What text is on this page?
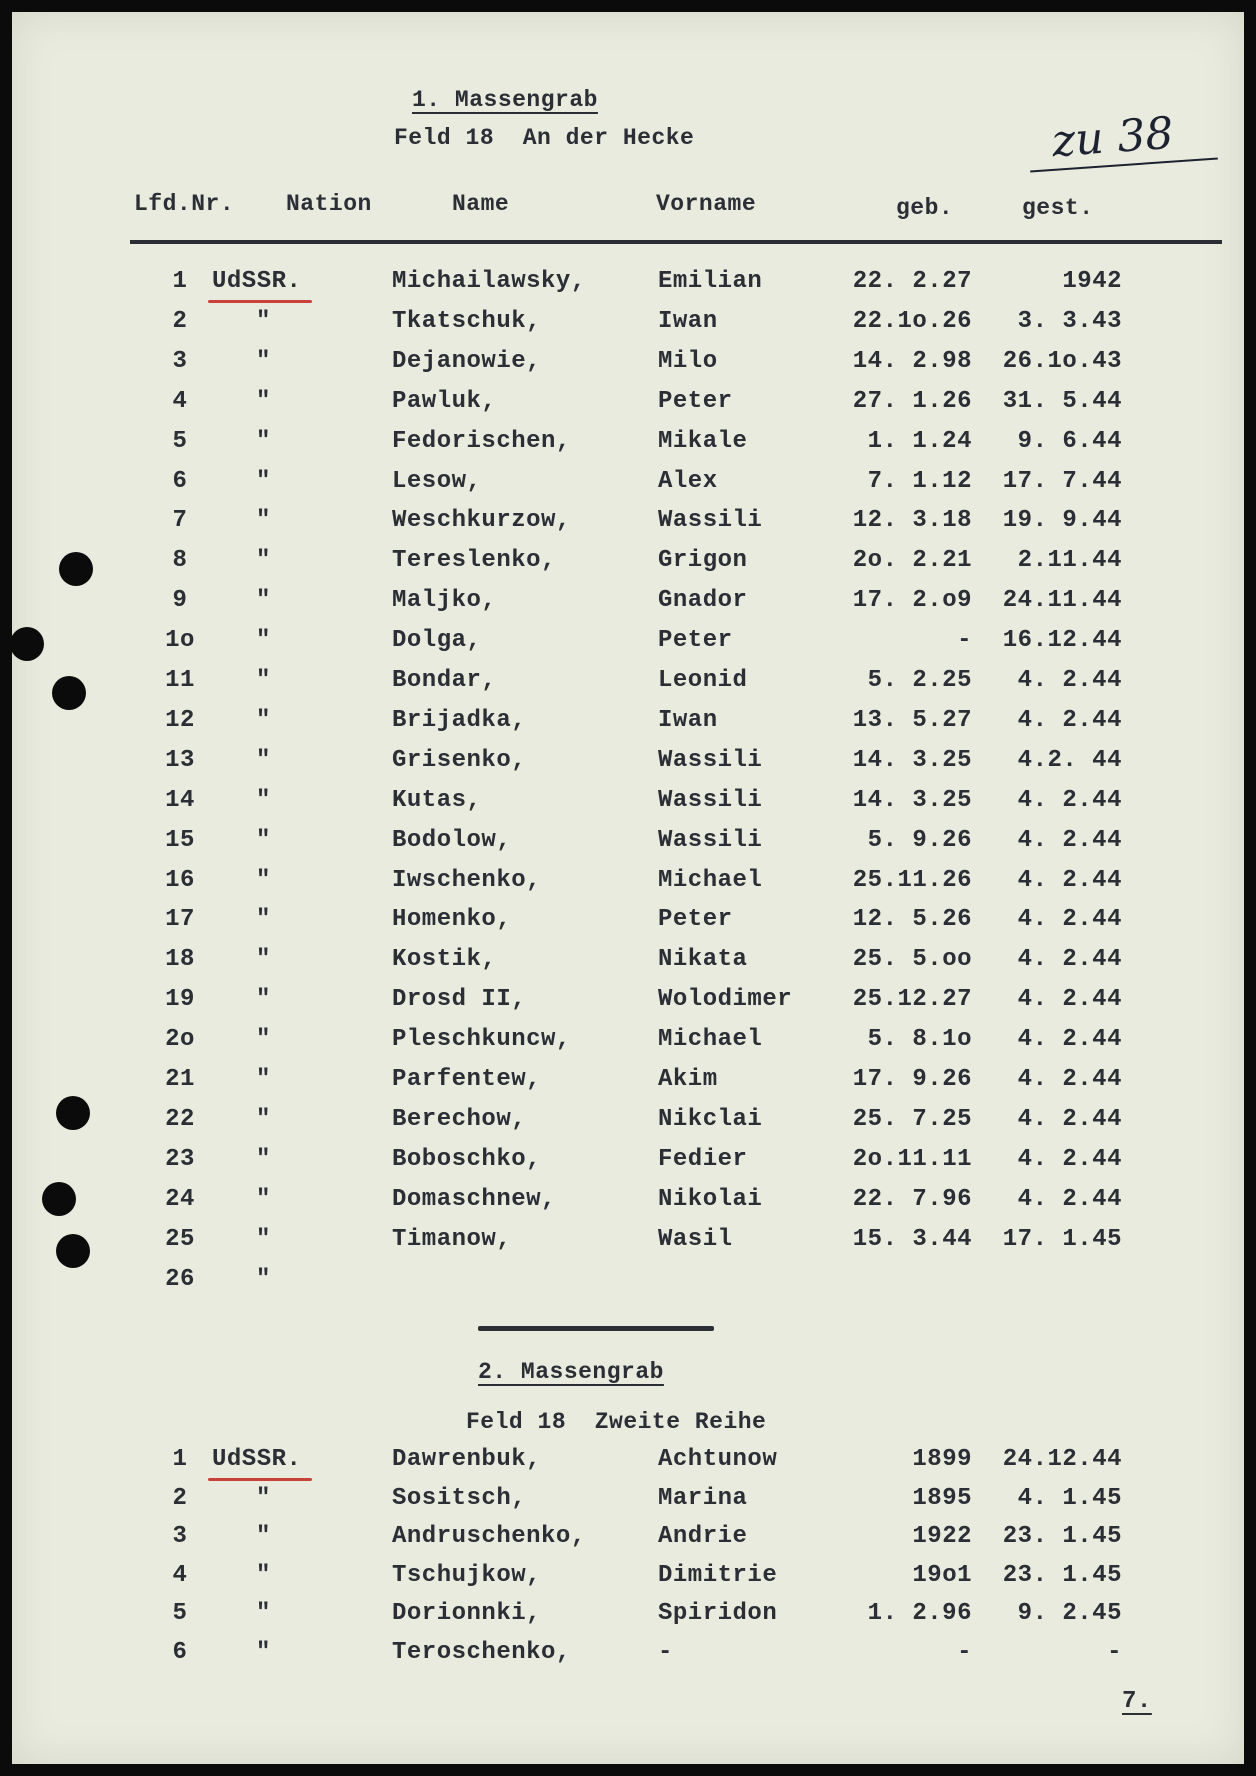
zu 38
1. Massengrab
Feld 18  An der Hecke
Lfd.Nr. Nation	Name	Vorname	geb.	gest.
1	UdSSR.	Michailawsky,	Emilian	22. 2.27	1942
2	"	Tkatschuk,	Iwan	22.1o.26	3. 3.43
3	"	Dejanowie,	Milo	14. 2.98	26.1o.43
4	"	Pawluk,	Peter	27. 1.26	31. 5.44
5	"	Fedorischen,	Mikale	1. 1.24	9. 6.44
6	"	Lesow,	Alex	7. 1.12	17. 7.44
7	"	Weschkurzow,	Wassili	12. 3.18	19. 9.44
8	"	Tereslenko,	Grigon	2o. 2.21	2.11.44
9	"	Maljko,	Gnador	17. 2.o9	24.11.44
1o	"	Dolga,	Peter	-	16.12.44
11	"	Bondar,	Leonid	5. 2.25	4. 2.44
12	"	Brijadka,	Iwan	13. 5.27	4. 2.44
13	"	Grisenko,	Wassili	14. 3.25	4.2. 44
14	"	Kutas,	Wassili	14. 3.25	4. 2.44
15	"	Bodolow,	Wassili	5. 9.26	4. 2.44
16	"	Iwschenko,	Michael	25.11.26	4. 2.44
17	"	Homenko,	Peter	12. 5.26	4. 2.44
18	"	Kostik,	Nikata	25. 5.oo	4. 2.44
19	"	Drosd II,	Wolodimer	25.12.27	4. 2.44
2o	"	Pleschkuncw,	Michael	5. 8.1o	4. 2.44
21	"	Parfentew,	Akim	17. 9.26	4. 2.44
22	"	Berechow,	Nikclai	25. 7.25	4. 2.44
23	"	Boboschko,	Fedier	2o.11.11	4. 2.44
24	"	Domaschnew,	Nikolai	22. 7.96	4. 2.44
25	"	Timanow,	Wasil	15. 3.44	17. 1.45
26	"
2. Massengrab
Feld 18  Zweite Reihe
1	UdSSR.	Dawrenbuk,	Achtunow	1899	24.12.44
2	"	Sositsch,	Marina	1895	4. 1.45
3	"	Andruschenko,	Andrie	1922	23. 1.45
4	"	Tschujkow,	Dimitrie	19o1	23. 1.45
5	"	Dorionnki,	Spiridon	1. 2.96	9. 2.45
6	"	Teroschenko,	-	-	-
7.
